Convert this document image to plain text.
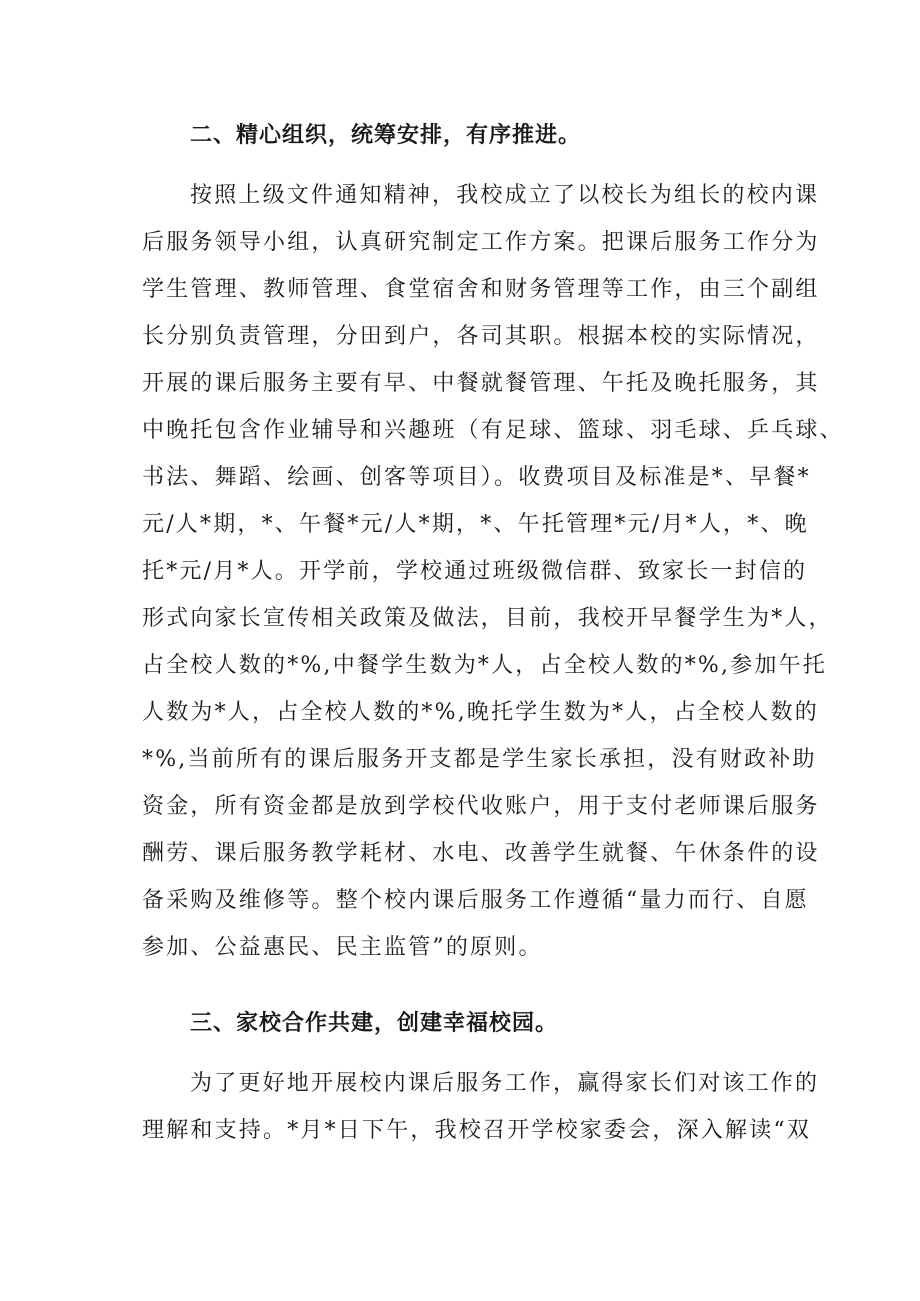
二、精心组织，统筹安排，有序推进。
按照上级文件通知精神，我校成立了以校长为组长的校内课
后服务领导小组，认真研究制定工作方案。把课后服务工作分为
学生管理、教师管理、食堂宿舍和财务管理等工作，由三个副组
长分别负责管理，分田到户，各司其职。根据本校的实际情况，
开展的课后服务主要有早、中餐就餐管理、午托及晚托服务，其
中晚托包含作业辅导和兴趣班（有足球、篮球、羽毛球、乒乓球、
书法、舞蹈、绘画、创客等项目）。收费项目及标准是*、早餐*
元/人*期，*、午餐*元/人*期，*、午托管理*元/月*人，*、晚
托*元/月*人。开学前，学校通过班级微信群、致家长一封信的
形式向家长宣传相关政策及做法，目前，我校开早餐学生为*人，
占全校人数的*%,中餐学生数为*人，占全校人数的*%,参加午托
人数为*人，占全校人数的*%,晚托学生数为*人，占全校人数的
*%,当前所有的课后服务开支都是学生家长承担，没有财政补助
资金，所有资金都是放到学校代收账户，用于支付老师课后服务
酬劳、课后服务教学耗材、水电、改善学生就餐、午休条件的设
备采购及维修等。整个校内课后服务工作遵循“量力而行、自愿
参加、公益惠民、民主监管”的原则。
三、家校合作共建，创建幸福校园。
为了更好地开展校内课后服务工作，赢得家长们对该工作的
理解和支持。*月*日下午，我校召开学校家委会，深入解读“双
